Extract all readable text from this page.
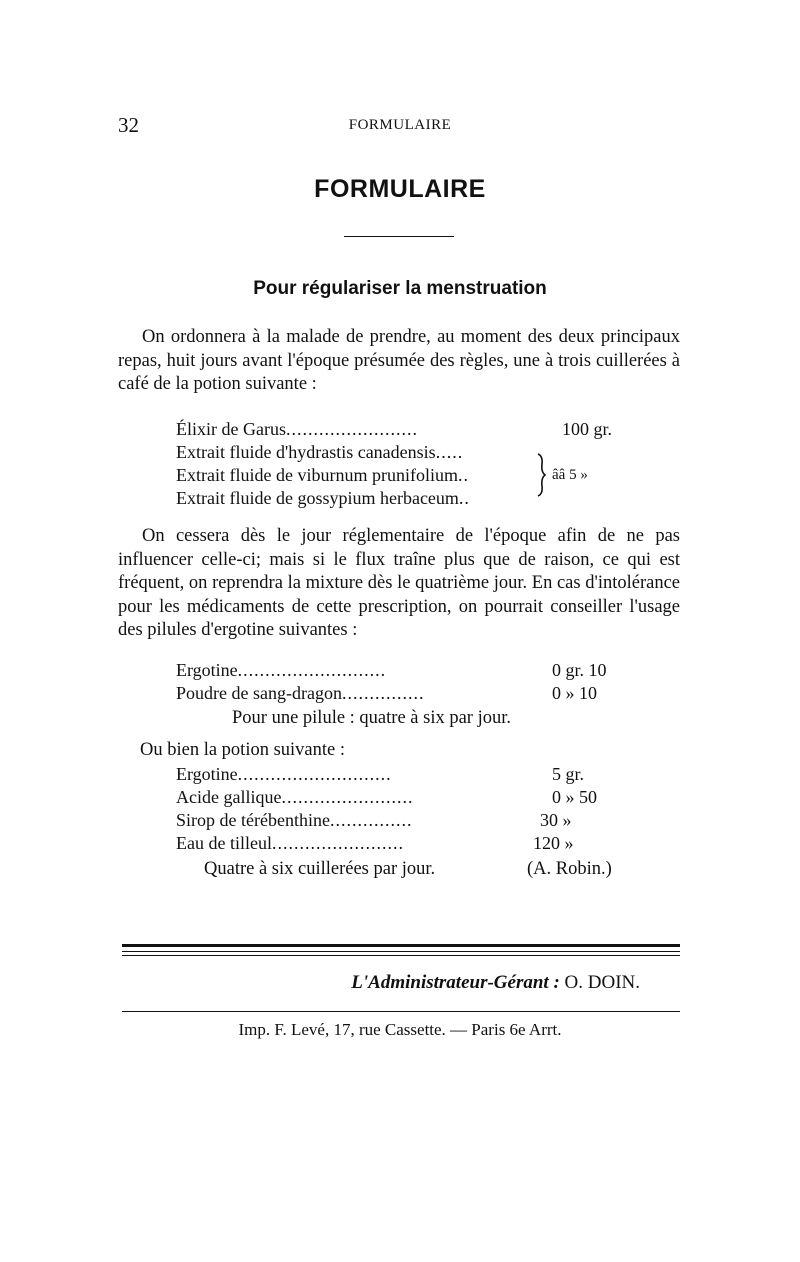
32	FORMULAIRE
FORMULAIRE
Pour régulariser la menstruation

On ordonnera à la malade de prendre, au moment des deux principaux repas, huit jours avant l'époque présumée des règles, une à trois cuillerées à café de la potion suivante :

Élixir de Garus........................	100 gr.
Extrait fluide d'hydrastis canadensis.....
Extrait fluide de viburnum prunifolium..	ââ 5 »
Extrait fluide de gossypium herbaceum..

On cessera dès le jour réglementaire de l'époque afin de ne pas influencer celle-ci; mais si le flux traîne plus que de raison, ce qui est fréquent, on reprendra la mixture dès le quatrième jour. En cas d'intolérance pour les médicaments de cette prescription, on pourrait conseiller l'usage des pilules d'ergotine suivantes :

Ergotine...........................	0 gr. 10
Poudre de sang-dragon...............	0 » 10
Pour une pilule : quatre à six par jour.
Ou bien la potion suivante :
Ergotine............................	5 gr.
Acide gallique........................	0 » 50
Sirop de térébenthine...............	30 »
Eau de tilleul........................	120 »
Quatre à six cuillerées par jour.	(A. Robin.)
L'Administrateur-Gérant : O. DOIN.
Imp. F. Levé, 17, rue Cassette. — Paris 6e Arrt.
